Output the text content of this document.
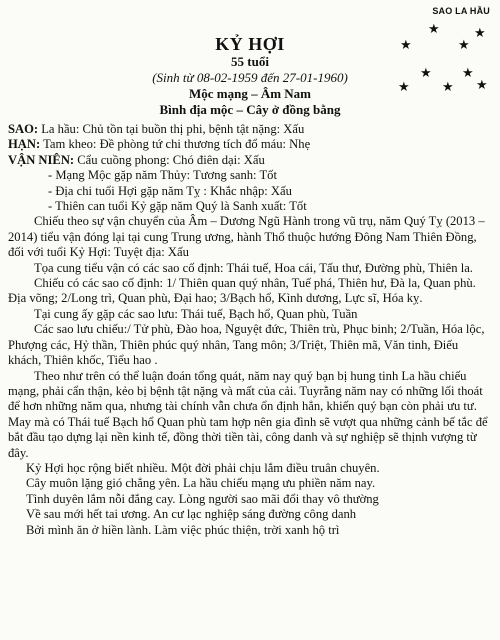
SAO LA HẦU
★
★
★
★
★
★
★
★
★
KỶ HỢI
55 tuổi
(Sinh từ 08-02-1959 đến 27-01-1960)
Mộc mạng – Âm Nam
Bình địa mộc – Cây ở đồng bằng

SAO: La hầu: Chủ tồn tại buồn thị phi, bệnh tật nặng: Xấu

HẠN: Tam kheo: Đề phòng tứ chi thương tích đổ máu: Nhẹ

VẬN NIÊN: Cẩu cuồng phong: Chó điên dại: Xấu

- Mạng Mộc gặp năm Thủy: Tương sanh: Tốt

- Địa chi tuổi Hợi gặp năm Tỵ : Khắc nhập: Xấu

- Thiên can tuổi Kỷ gặp năm Quý là Sanh xuất: Tốt

Chiếu theo sự vận chuyển của Âm – Dương Ngũ Hành trong vũ trụ, năm Quý Tỵ (2013 – 2014) tiểu vận đóng lại tại cung Trung ương, hành Thổ thuộc hướng Đông Nam Thiên Đồng, đối với tuổi Kỷ Hợi: Tuyệt địa: Xấu

Tọa cung tiểu vận có các sao cố định: Thái tuế, Hoa cái, Tấu thư, Đường phù, Thiên la.

Chiếu có các sao cố định: 1/ Thiên quan quý nhân, Tuế phá, Thiên hư, Đà la, Quan phù. Địa võng; 2/Long trì, Quan phù, Đại hao; 3/Bạch hổ, Kình dương, Lực sĩ, Hóa kỵ.

Tại cung ấy gặp các sao lưu: Thái tuế, Bạch hổ, Quan phù, Tuần

Các sao lưu chiếu:/ Tử phù, Đào hoa, Nguyệt đức, Thiên trù, Phục binh; 2/Tuần, Hóa lộc, Phượng các, Hỷ thần, Thiên phúc quý nhân, Tang môn; 3/Triệt, Thiên mã, Văn tinh, Điếu khách, Thiên khốc, Tiểu hao .

Theo như trên có thể luận đoán tổng quát, năm nay quý bạn bị hung tinh La hầu chiếu mạng, phải cẩn thận, kẻo bị bệnh tật nặng và mất của cải. Tuyrằng năm nay có những lối thoát để hơn những năm qua, nhưng tài chính vẫn chưa ổn định hẳn, khiến quý bạn còn phải ưu tư. May mà có Thái tuế Bạch hổ Quan phù tam hợp nên gia đình sẽ vượt qua những cảnh bế tắc để bắt đầu tạo dựng lại nền kinh tế, đồng thời tiền tài, công danh và sự nghiệp sẽ thịnh vượng từ đây.

Kỷ Hợi học rộng biết nhiều. Một đời phải chịu lắm điều truân chuyên.

Cây muôn lặng gió chẳng yên. La hầu chiếu mạng ưu phiền năm nay.

Tình duyên lắm nỗi đắng cay. Lòng người sao mãi đổi thay vô thường

Về sau mới hết tai ương. An cư lạc nghiệp sáng đường công danh

Bởi mình ăn ở hiền lành. Làm việc phúc thiện, trời xanh hộ trì
